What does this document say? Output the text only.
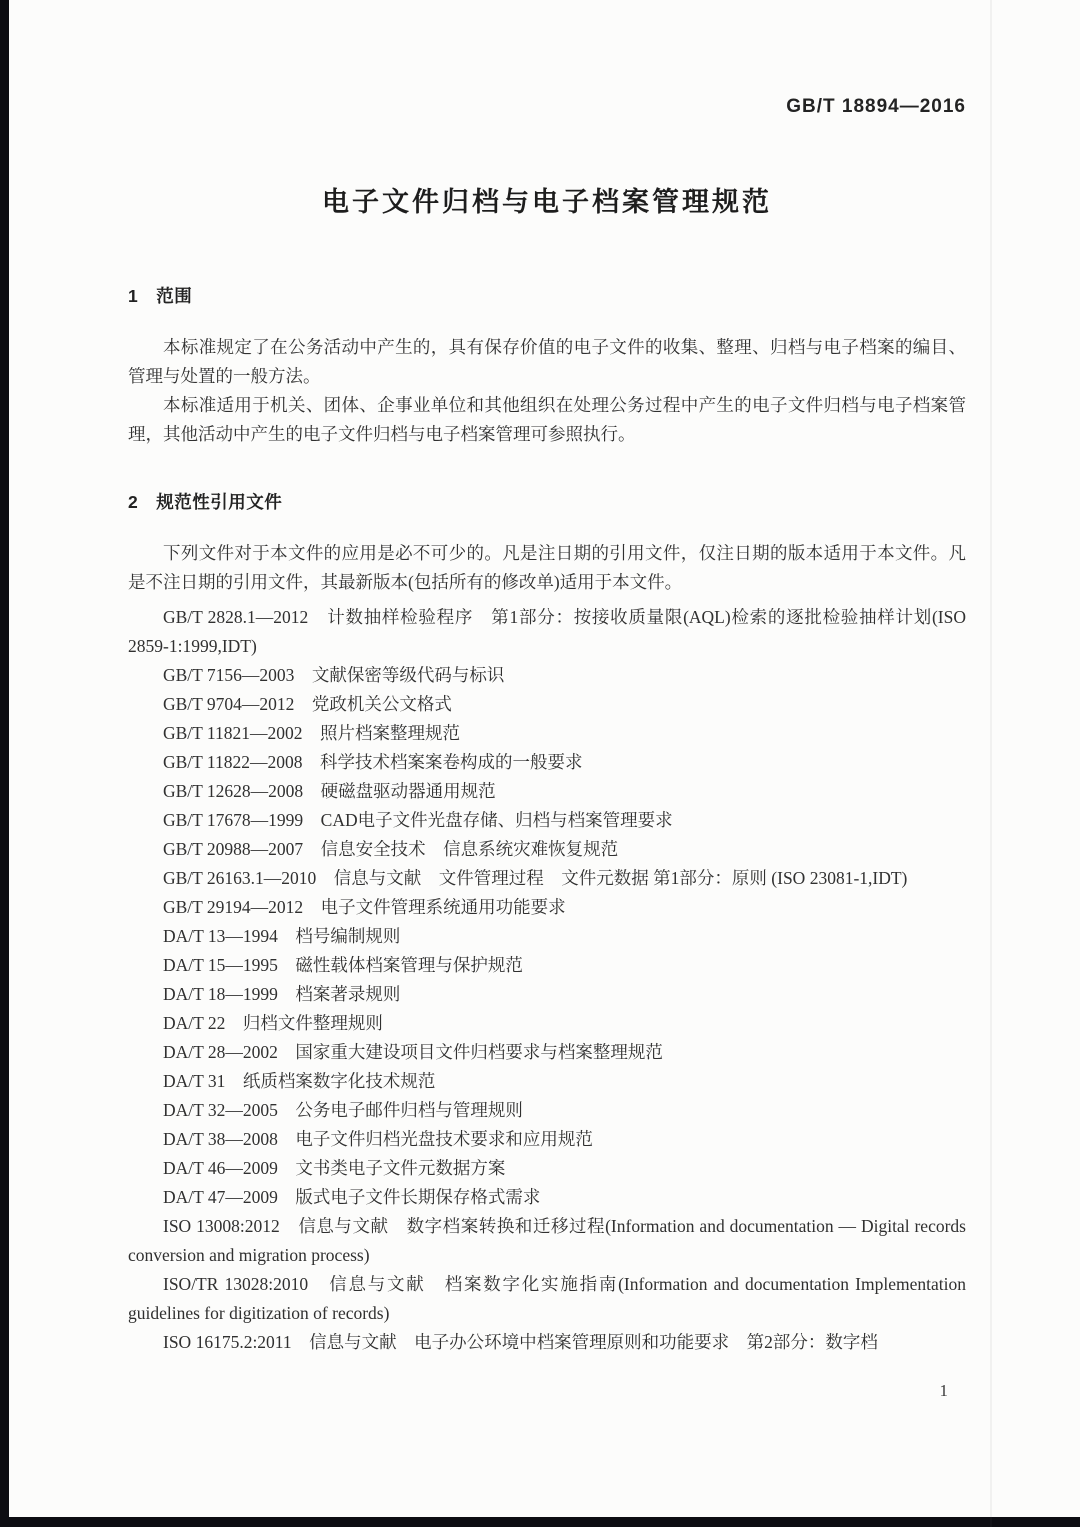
GB/T 18894—2016
电子文件归档与电子档案管理规范
1　范围

本标准规定了在公务活动中产生的，具有保存价值的电子文件的收集、整理、归档与电子档案的编目、管理与处置的一般方法。

本标准适用于机关、团体、企事业单位和其他组织在处理公务过程中产生的电子文件归档与电子档案管理，其他活动中产生的电子文件归档与电子档案管理可参照执行。

2　规范性引用文件

下列文件对于本文件的应用是必不可少的。凡是注日期的引用文件，仅注日期的版本适用于本文件。凡是不注日期的引用文件，其最新版本(包括所有的修改单)适用于本文件。

GB/T 2828.1—2012　计数抽样检验程序　第1部分：按接收质量限(AQL)检索的逐批检验抽样计划(ISO 2859-1:1999,IDT)

GB/T 7156—2003　文献保密等级代码与标识

GB/T 9704—2012　党政机关公文格式

GB/T 11821—2002　照片档案整理规范

GB/T 11822—2008　科学技术档案案卷构成的一般要求

GB/T 12628—2008　硬磁盘驱动器通用规范

GB/T 17678—1999　CAD电子文件光盘存储、归档与档案管理要求

GB/T 20988—2007　信息安全技术　信息系统灾难恢复规范

GB/T 26163.1—2010　信息与文献　文件管理过程　文件元数据 第1部分：原则 (ISO 23081-1,IDT)

GB/T 29194—2012　电子文件管理系统通用功能要求

DA/T 13—1994　档号编制规则

DA/T 15—1995　磁性载体档案管理与保护规范

DA/T 18—1999　档案著录规则

DA/T 22　归档文件整理规则

DA/T 28—2002　国家重大建设项目文件归档要求与档案整理规范

DA/T 31　纸质档案数字化技术规范

DA/T 32—2005　公务电子邮件归档与管理规则

DA/T 38—2008　电子文件归档光盘技术要求和应用规范

DA/T 46—2009　文书类电子文件元数据方案

DA/T 47—2009　版式电子文件长期保存格式需求

ISO 13008:2012　信息与文献　数字档案转换和迁移过程(Information and documentation — Digital records conversion and migration process)

ISO/TR 13028:2010　信息与文献　档案数字化实施指南(Information and documentation Implementation guidelines for digitization of records)

ISO 16175.2:2011　信息与文献　电子办公环境中档案管理原则和功能要求　第2部分：数字档

1
